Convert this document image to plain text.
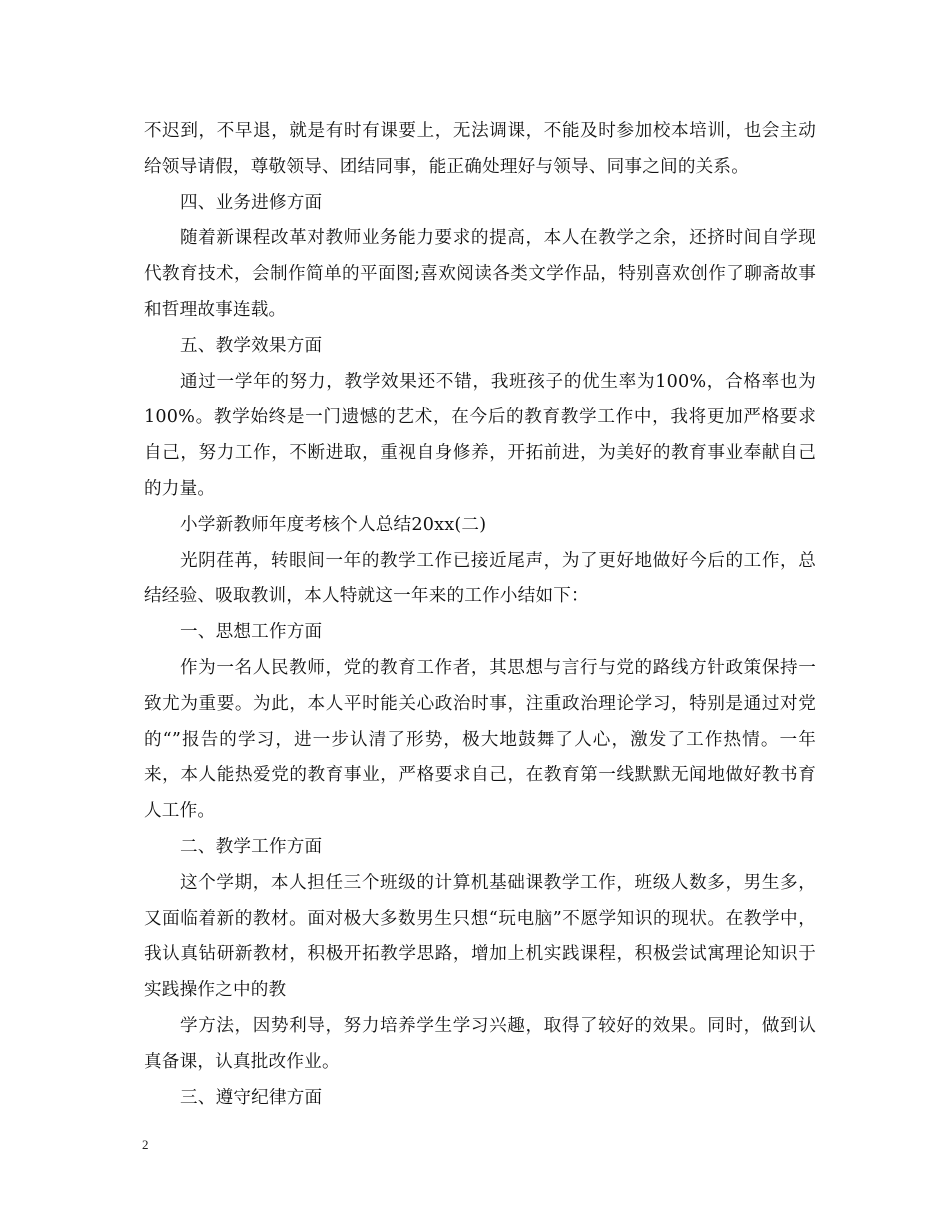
不迟到，不早退，就是有时有课要上，无法调课，不能及时参加校本培训，也会主动给领导请假，尊敬领导、团结同事，能正确处理好与领导、同事之间的关系。

四、业务进修方面

随着新课程改革对教师业务能力要求的提高，本人在教学之余，还挤时间自学现代教育技术，会制作简单的平面图;喜欢阅读各类文学作品，特别喜欢创作了聊斋故事和哲理故事连载。

五、教学效果方面

通过一学年的努力，教学效果还不错，我班孩子的优生率为100%，合格率也为100%。教学始终是一门遗憾的艺术，在今后的教育教学工作中，我将更加严格要求自己，努力工作，不断进取，重视自身修养，开拓前进，为美好的教育事业奉献自己的力量。

小学新教师年度考核个人总结20xx(二)

光阴荏苒，转眼间一年的教学工作已接近尾声，为了更好地做好今后的工作，总结经验、吸取教训，本人特就这一年来的工作小结如下：

一、思想工作方面

作为一名人民教师，党的教育工作者，其思想与言行与党的路线方针政策保持一致尤为重要。为此，本人平时能关心政治时事，注重政治理论学习，特别是通过对党的“”报告的学习，进一步认清了形势，极大地鼓舞了人心，激发了工作热情。一年来，本人能热爱党的教育事业，严格要求自己，在教育第一线默默无闻地做好教书育人工作。

二、教学工作方面

这个学期，本人担任三个班级的计算机基础课教学工作，班级人数多，男生多，又面临着新的教材。面对极大多数男生只想“玩电脑”不愿学知识的现状。在教学中，我认真钻研新教材，积极开拓教学思路，增加上机实践课程，积极尝试寓理论知识于实践操作之中的教

学方法，因势利导，努力培养学生学习兴趣，取得了较好的效果。同时，做到认真备课，认真批改作业。

三、遵守纪律方面

2
